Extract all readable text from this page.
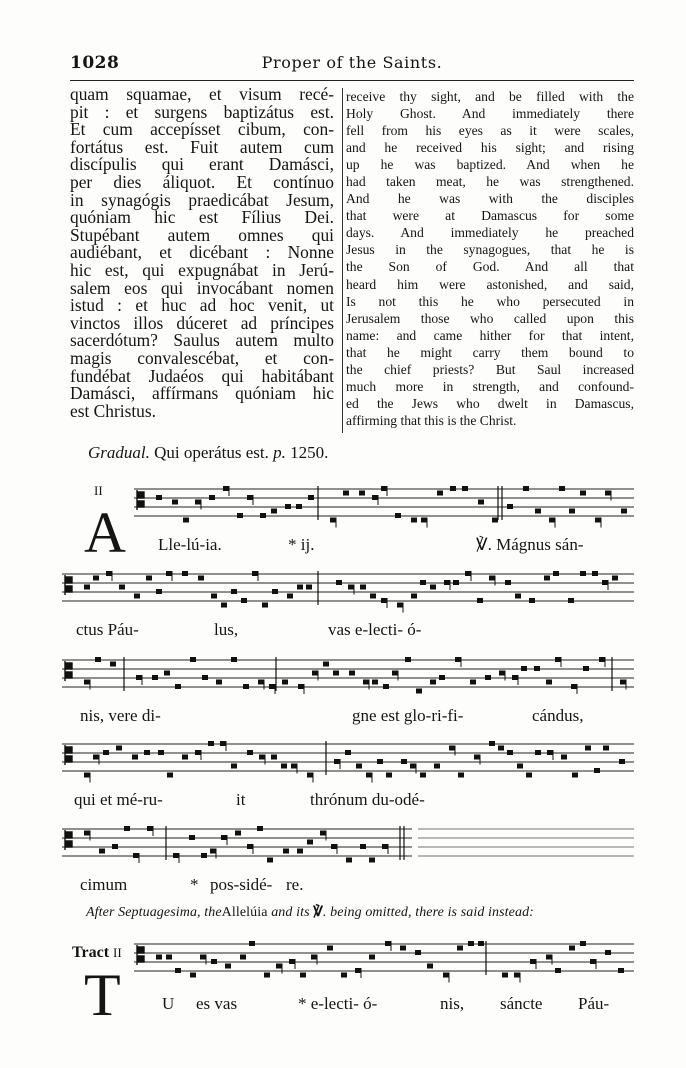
1028	Proper of the Saints.
quam squamae, et visum recé-
pit : et surgens baptizátus est.
Et cum accepísset cibum, con-
fortátus est. Fuit autem cum
discípulis qui erant Damásci,
per dies áliquot. Et contínuo
in synagógis praedicábat Jesum,
quóniam hic est Fílius Dei.
Stupébant autem omnes qui
audiébant, et dicébant : Nonne
hic est, qui expugnábat in Jerú-
salem eos qui invocábant nomen
istud : et huc ad hoc venit, ut
vinctos illos dúceret ad príncipes
sacerdótum? Saulus autem multo
magis convalescébat, et con-
fundébat Judaéos qui habitábant
Damásci, affírmans quóniam hic
est Christus.
receive thy sight, and be filled with the
Holy Ghost. And immediately there
fell from his eyes as it were scales,
and he received his sight; and rising
up he was baptized. And when he
had taken meat, he was strengthened.
And he was with the disciples
that were at Damascus for some
days. And immediately he preached
Jesus in the synagogues, that he is
the Son of God. And all that
heard him were astonished, and said,
Is not this he who persecuted in
Jerusalem those who called upon this
name: and came hither for that intent,
that he might carry them bound to
the chief priests? But Saul increased
much more in strength, and confound-
ed the Jews who dwelt in Damascus,
affirming that this is the Christ.
Gradual. Qui operátus est. p. 1250.
II
A Lle-lú-ia.	* ij.	℣. Mágnus sán-
ctus Páu-	lus,	vas e-lecti- ó-
nis, vere di-	gne est glo-ri-fi-	cándus,
qui et mé-ru-	it	thrónum du-odé-
cimum	* pos-sidé- re.
After Septuagesima, theAllelúia and its ℣. being omitted, there is said instead:
Tract II
T U es vas	* e-lecti- ó-	nis, sáncte Páu-
